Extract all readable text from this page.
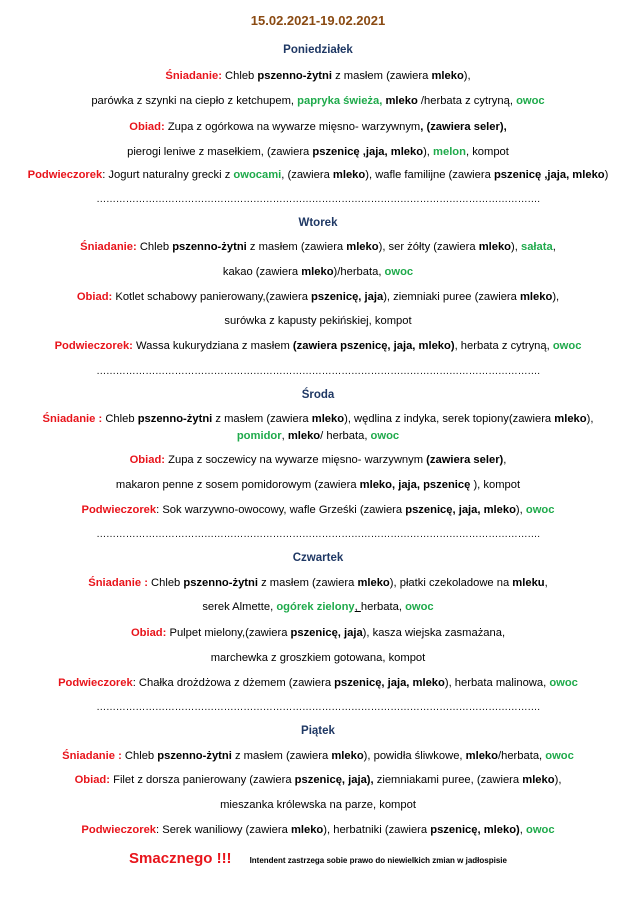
15.02.2021-19.02.2021
Poniedziałek
Śniadanie: Chleb pszenno-żytni z masłem (zawiera mleko),
parówka z szynki na ciepło z ketchupem, papryka świeża, mleko /herbata z cytryną, owoc
Obiad: Zupa z ogórkowa na wywarze mięsno- warzywnym, (zawiera seler),
pierogi leniwe z masełkiem, (zawiera pszenicę ,jaja, mleko), melon, kompot
Podwieczorek: Jogurt naturalny grecki z owocami, (zawiera mleko), wafle familijne (zawiera pszenicę ,jaja, mleko)
……………………………………………………………………………………………………………………….
Wtorek
Śniadanie: Chleb pszenno-żytni z masłem (zawiera mleko), ser żółty (zawiera mleko), sałata,
kakao (zawiera mleko)/herbata, owoc
Obiad: Kotlet schabowy panierowany,(zawiera pszenicę, jaja), ziemniaki puree (zawiera mleko),
surówka z kapusty pekińskiej, kompot
Podwieczorek: Wassa kukurydziana z masłem (zawiera pszenicę, jaja, mleko), herbata z cytryną, owoc
……………………………………………………………………………………………………………………….
Środa
Śniadanie : Chleb pszenno-żytni z masłem (zawiera mleko), wędlina z indyka, serek topiony(zawiera mleko),
pomidor, mleko/ herbata, owoc
Obiad: Zupa z soczewicy na wywarze mięsno- warzywnym (zawiera seler),
makaron penne z sosem pomidorowym (zawiera mleko, jaja, pszenicę ), kompot
Podwieczorek: Sok warzywno-owocowy, wafle Grześki (zawiera pszenicę, jaja, mleko), owoc
……………………………………………………………………………………………………………………….
Czwartek
Śniadanie : Chleb pszenno-żytni z masłem (zawiera mleko), płatki czekoladowe na mleku,
serek Almette, ogórek zielony, herbata, owoc
Obiad: Pulpet mielony,(zawiera pszenicę, jaja), kasza wiejska zasmażana,
marchewka z groszkiem gotowana, kompot
Podwieczorek: Chałka drożdżowa z dżemem (zawiera pszenicę, jaja, mleko), herbata malinowa, owoc
……………………………………………………………………………………………………………………….
Piątek
Śniadanie : Chleb pszenno-żytni z masłem (zawiera mleko), powidła śliwkowe, mleko/herbata, owoc
Obiad: Filet z dorsza panierowany (zawiera pszenicę, jaja), ziemniakami puree, (zawiera mleko),
mieszanka królewska na parze, kompot
Podwieczorek: Serek waniliowy (zawiera mleko), herbatniki (zawiera pszenicę, mleko), owoc
Smacznego !!! Intendent zastrzega sobie prawo do niewielkich zmian w jadłospisie
